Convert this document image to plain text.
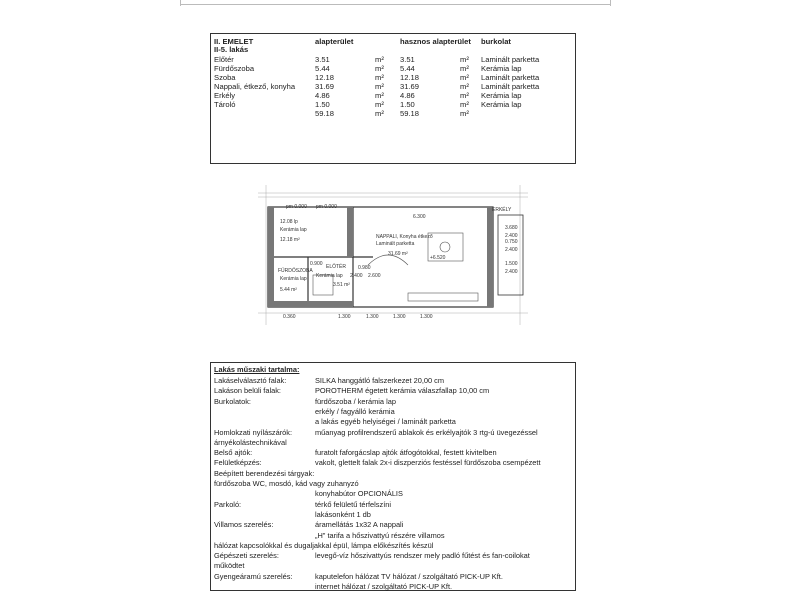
II. EMELET
II-5. lakás
alapterület	hasznos alapterület burkolat
Előtér	3.51	m² 3.51	m² Laminált parketta
Fürdőszoba	5.44	m² 5.44	m² Kerámia lap
Szoba	12.18	m² 12.18	m² Laminált parketta
Nappali, étkező, konyha	31.69	m² 31.69	m² Laminált parketta
Erkély	4.86	m² 4.86	m² Kerámia lap
Tároló	1.50	m² 1.50	m² Kerámia lap
59.18	m² 59.18	m²
pm 0.000 pm 0.000
12.08 lp
Kerámia lap
12.18 m²
6.300
NAPPALI, Konyha étkező
Laminált parketta
31.69 m²
+6.520
ERKÉLY
FÜRDŐSZOBA
Kerámia lap
5.44 m²
0.900 ELŐTÉR
Kerámia lap
3.51 m²
0.980
2.600
2.400
3.680
2.400
0.750
2.400
1.500
2.400
0.360	1.300	1.300	1.300	1.300
Lakás műszaki tartalma:
Lakáselválasztó falak:	SILKA hanggátló falszerkezet 20,00 cm
Lakáson belüli falak:	POROTHERM égetett kerámia válaszfallap 10,00 cm
Burkolatok:	fürdőszoba / kerámia lap
erkély / fagyálló kerámia
a lakás egyéb helyiségei / laminált parketta
Homlokzati nyílászárók:	műanyag profilrendszerű ablakok és erkélyajtók 3 rtg-ú üvegezéssel
árnyékolástechnikával
Belső ajtók:	furatolt faforgácslap ajtók átfogótokkal, festett kivitelben
Felületképzés:	vakolt, glettelt falak 2x-i diszperziós festéssel fürdőszoba csempézett
Beépített berendezési tárgyak:
fürdőszoba WC, mosdó, kád vagy zuhanyzó
konyhabútor OPCIONÁLIS
Parkoló:	térkő felületű térfelszíni
lakásonként 1 db
Villamos szerelés:	áramellátás 1x32 A nappali
„H" tarifa a hőszivattyú részére villamos
hálózat kapcsolókkal és dugaljakkal épül, lámpa előkészítés készül
Gépészeti szerelés:	levegő-víz hőszivattyús rendszer mely padló fűtést és fan-coilokat
működtet
Gyengeáramú szerelés:	kaputelefon hálózat TV hálózat / szolgáltató PICK-UP Kft.
internet hálózat / szolgáltató PICK-UP Kft.
